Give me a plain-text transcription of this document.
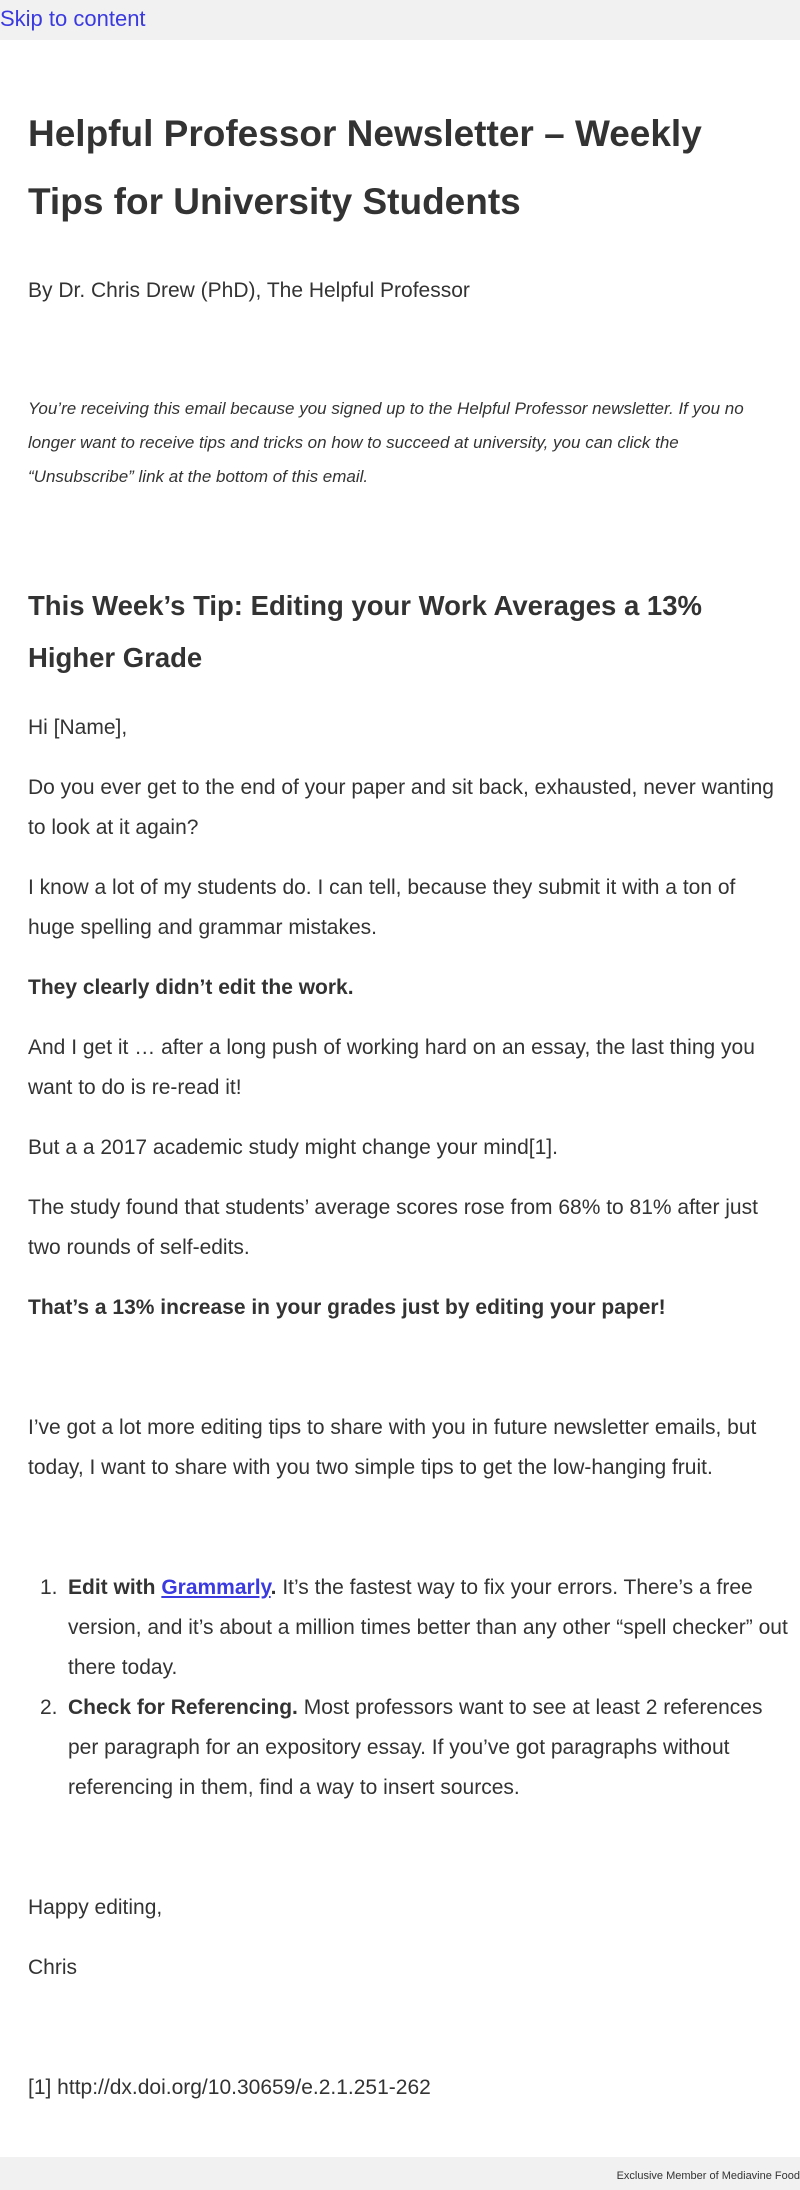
Skip to content
Helpful Professor Newsletter – Weekly Tips for University Students

By Dr. Chris Drew (PhD), The Helpful Professor

You’re receiving this email because you signed up to the Helpful Professor newsletter. If you no longer want to receive tips and tricks on how to succeed at university, you can click the “Unsubscribe” link at the bottom of this email.

This Week’s Tip: Editing your Work Averages a 13% Higher Grade

Hi [Name],

Do you ever get to the end of your paper and sit back, exhausted, never wanting to look at it again?

I know a lot of my students do. I can tell, because they submit it with a ton of huge spelling and grammar mistakes.

They clearly didn’t edit the work.

And I get it … after a long push of working hard on an essay, the last thing you want to do is re-read it!

But a a 2017 academic study might change your mind[1].

The study found that students’ average scores rose from 68% to 81% after just two rounds of self-edits.

That’s a 13% increase in your grades just by editing your paper!

I’ve got a lot more editing tips to share with you in future newsletter emails, but today, I want to share with you two simple tips to get the low-hanging fruit.

1. Edit with Grammarly. It’s the fastest way to fix your errors. There’s a free version, and it’s about a million times better than any other “spell checker” out there today.
2. Check for Referencing. Most professors want to see at least 2 references per paragraph for an expository essay. If you’ve got paragraphs without referencing in them, find a way to insert sources.

Happy editing,

Chris

[1] http://dx.doi.org/10.30659/e.2.1.251-262

Exclusive Member of Mediavine Food
